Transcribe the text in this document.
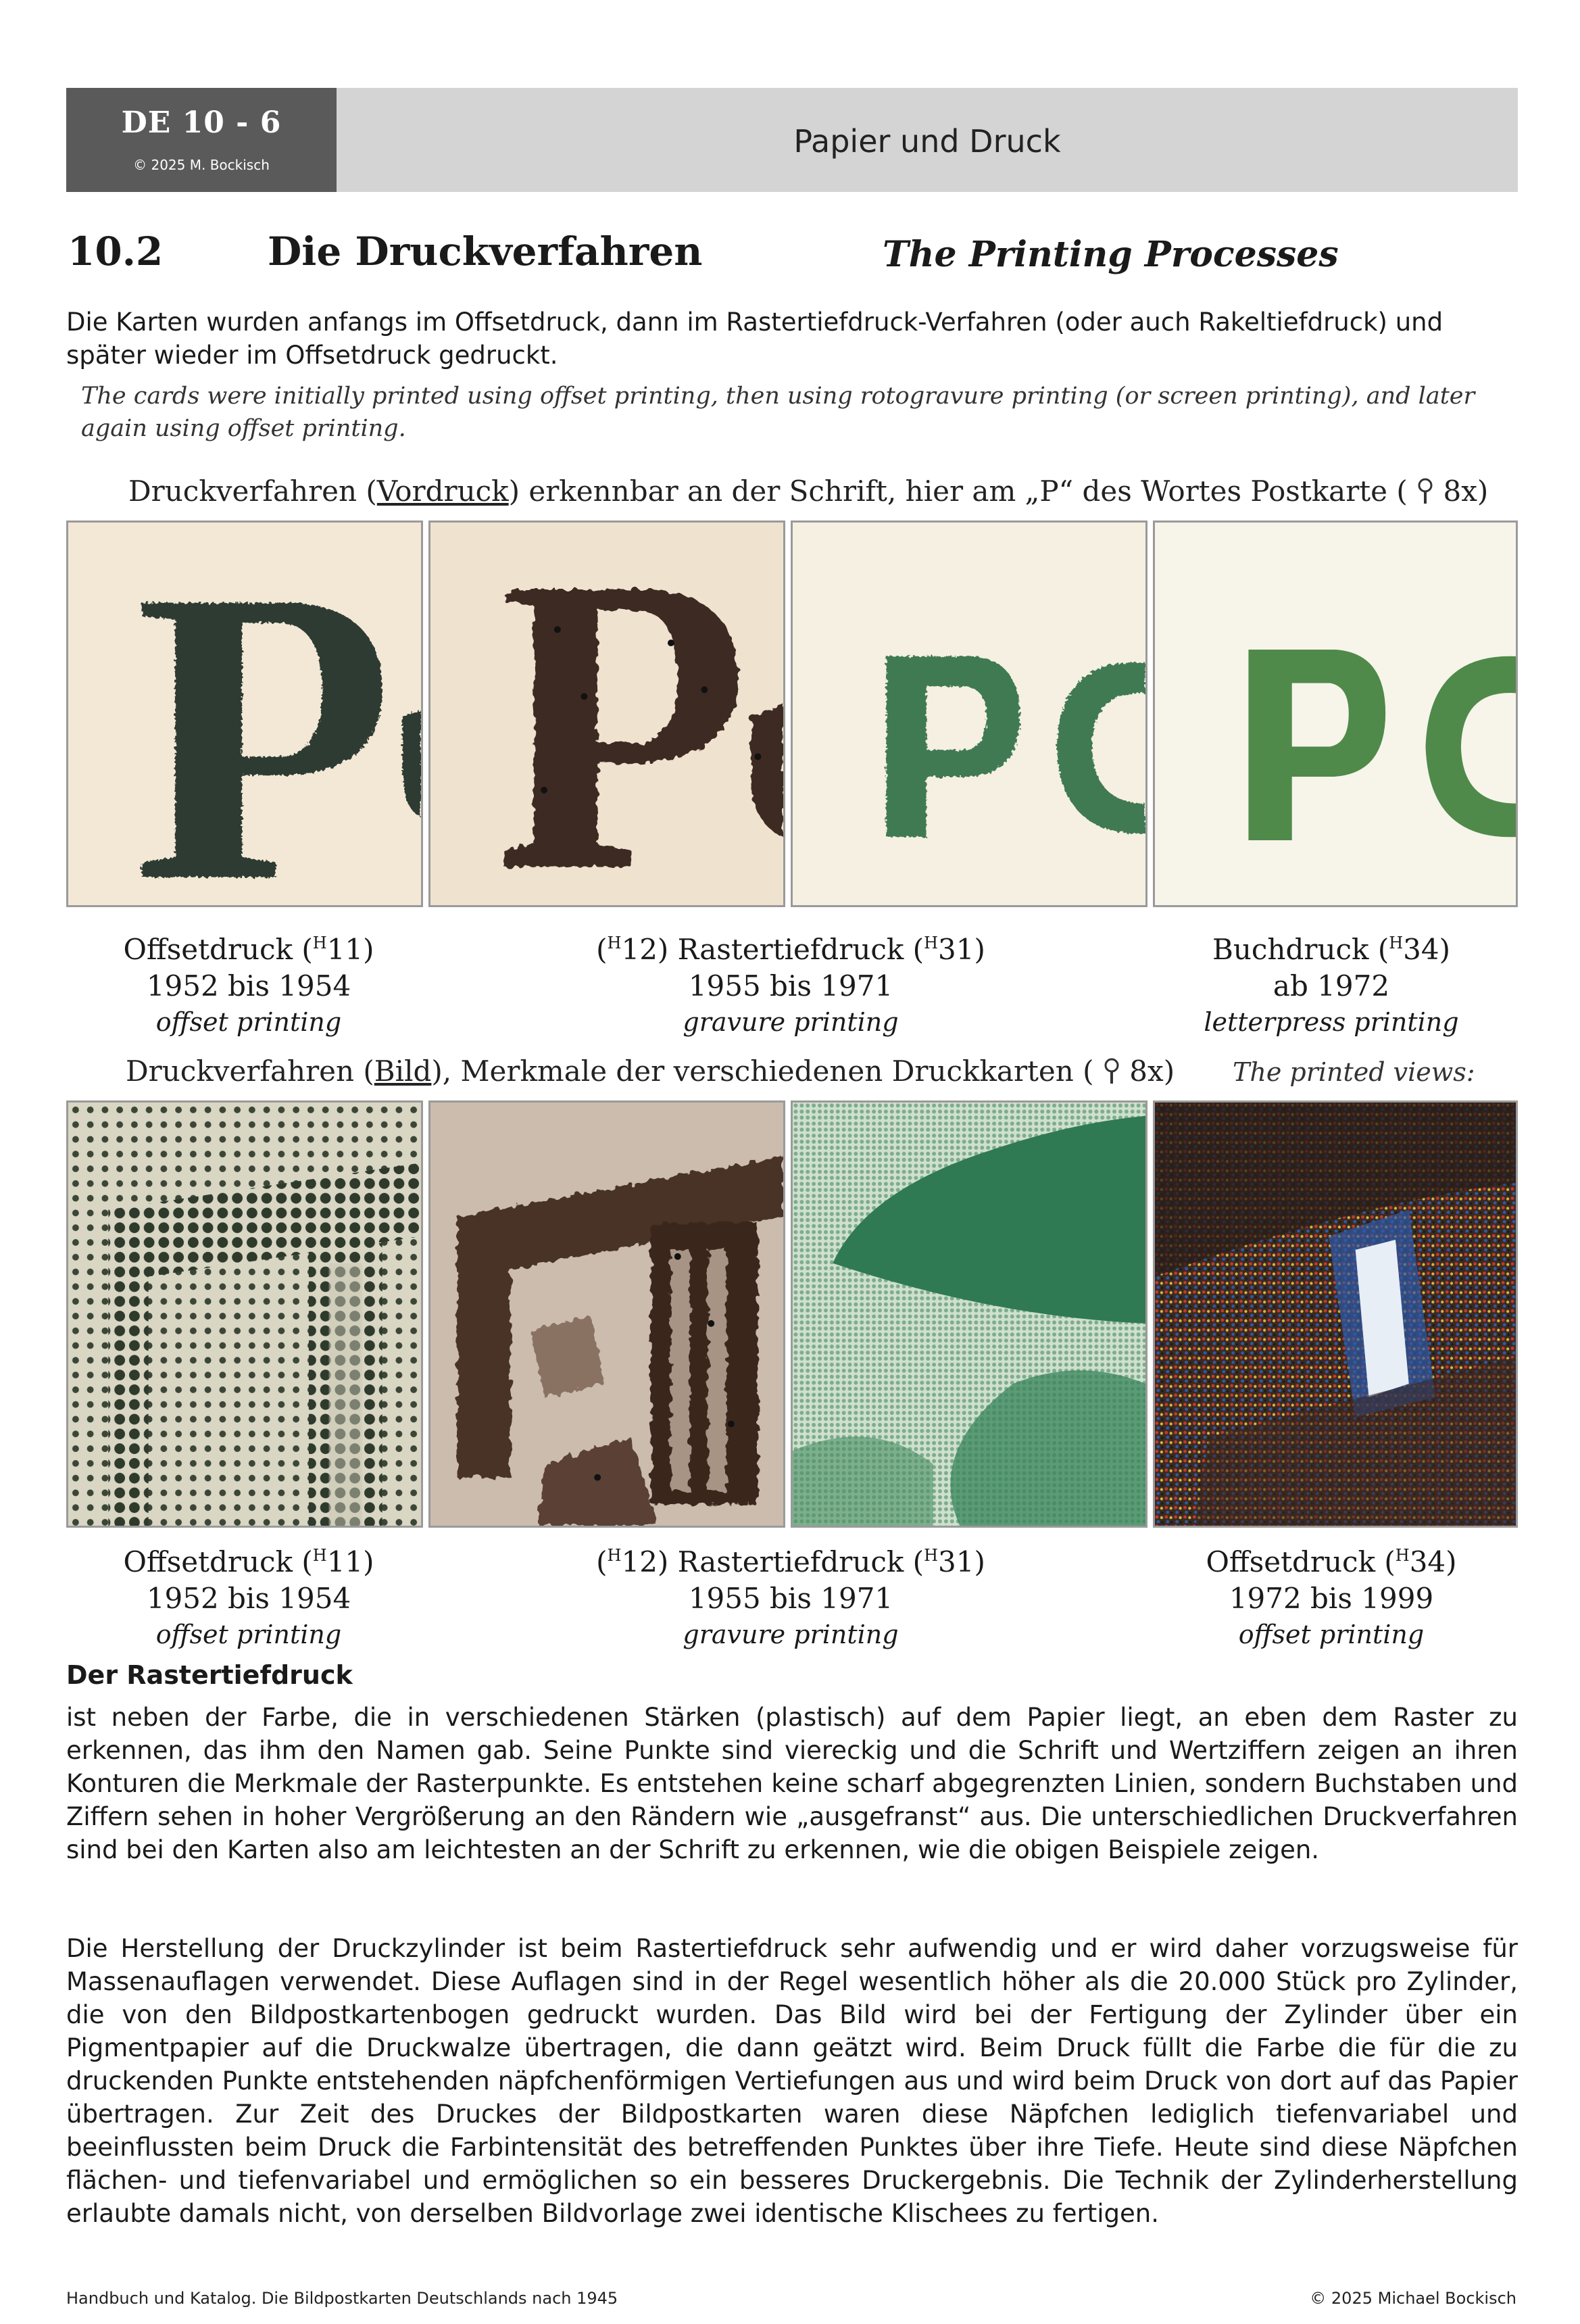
DE 10 - 6
© 2025 M. Bockisch
Papier und Druck
10.2	Die Druckverfahren	The Printing Processes
Die Karten wurden anfangs im Offsetdruck, dann im Rastertiefdruck-Verfahren (oder auch Rakeltiefdruck) und später wieder im Offsetdruck gedruckt.
The cards were initially printed using offset printing, then using rotogravure printing (or screen printing), and later again using offset printing.
Druckverfahren (Vordruck) erkennbar an der Schrift, hier am „P“ des Wortes Postkarte ( 8x)
Offsetdruck ($^H$11)
1952 bis 1954
offset printing
($^H$12) Rastertiefdruck ($^H$31)
1955 bis 1971
gravure printing
Buchdruck ($^H$34)
ab 1972
letterpress printing
Druckverfahren (Bild), Merkmale der verschiedenen Druckkarten ( 8x) The printed views:
Offsetdruck ($^H$11)
1952 bis 1954
offset printing
($^H$12) Rastertiefdruck ($^H$31)
1955 bis 1971
gravure printing
Offsetdruck ($^H$34)
1972 bis 1999
offset printing
Der Rastertiefdruck
ist neben der Farbe, die in verschiedenen Stärken (plastisch) auf dem Papier liegt, an eben dem Raster zu erkennen, das ihm den Namen gab. Seine Punkte sind viereckig und die Schrift und Wertziffern zeigen an ihren Konturen die Merkmale der Rasterpunkte. Es entstehen keine scharf abgegrenzten Linien, sondern Buchstaben und Ziffern sehen in hoher Vergrößerung an den Rändern wie „ausgefranst“ aus. Die unterschiedlichen Druckverfahren sind bei den Karten also am leichtesten an der Schrift zu erkennen, wie die obigen Beispiele zeigen.
Die Herstellung der Druckzylinder ist beim Rastertiefdruck sehr aufwendig und er wird daher vorzugsweise für Massenauflagen verwendet. Diese Auflagen sind in der Regel wesentlich höher als die 20.000 Stück pro Zylinder, die von den Bildpostkartenbogen gedruckt wurden. Das Bild wird bei der Fertigung der Zylinder über ein Pigmentpapier auf die Druckwalze übertragen, die dann geätzt wird. Beim Druck füllt die Farbe die für die zu druckenden Punkte entstehenden näpfchenförmigen Vertiefungen aus und wird beim Druck von dort auf das Papier übertragen. Zur Zeit des Druckes der Bildpostkarten waren diese Näpfchen lediglich tiefenvariabel und beeinflussten beim Druck die Farbintensität des betreffenden Punktes über ihre Tiefe. Heute sind diese Näpfchen flächen- und tiefenvariabel und ermöglichen so ein besseres Druckergebnis. Die Technik der Zylinderherstellung erlaubte damals nicht, von derselben Bildvorlage zwei identische Klischees zu fertigen.
Handbuch und Katalog. Die Bildpostkarten Deutschlands nach 1945	© 2025 Michael Bockisch
